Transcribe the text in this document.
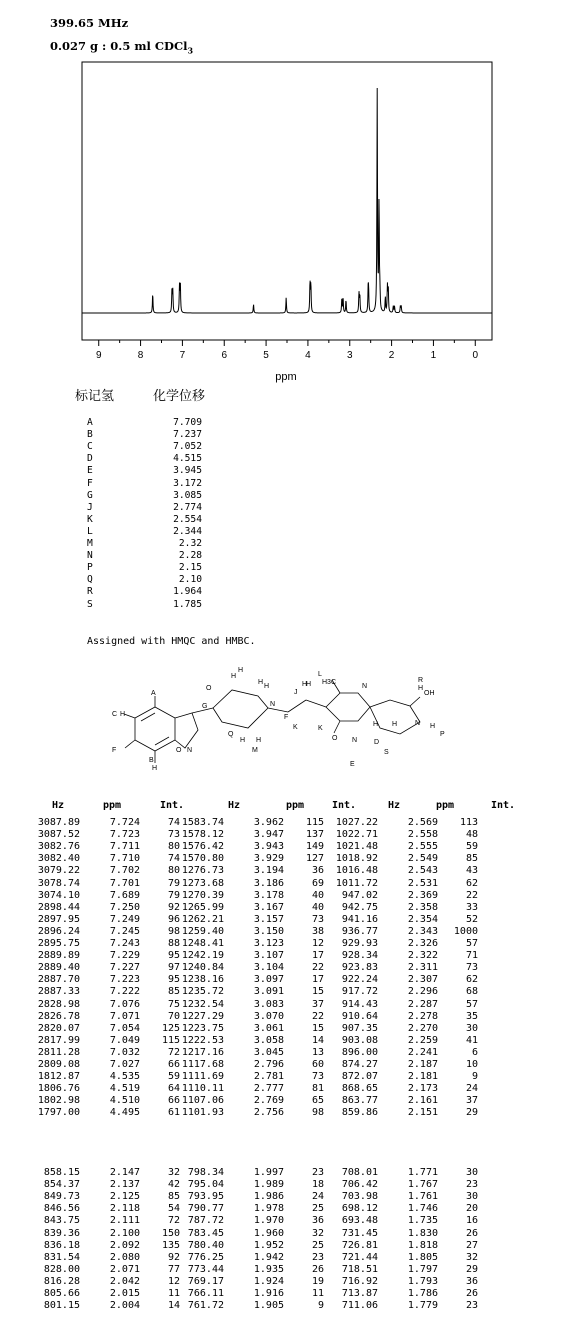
399.65 MHz
0.027 g : 0.5 ml CDCl$_3$
9	8	7	6	5	4	3	2	1	0
ppm
标记氢	化学位移
A	7.709
B	7.237
C	7.052
D	4.515
E	3.945
F	3.172
G	3.085
J	2.774
K	2.554
L	2.344
M	2.32
N	2.28
P	2.15
Q	2.10
R	1.964
S	1.785
Assigned with HMQC and HMBC.
A
C H
F
H
B
O N
G
H
H
H
Q
O
H H
M
N
H
F
J
H
K
H
K
L
H3C
N
N
O
E
H
OH
H
D
S
H	N
R
H
P
Hz	ppm	Int.	Hz	ppm	Int.	Hz	ppm	Int.
3087.89	7.724	74 1583.74	3.962	115	1027.22	2.569	113
3087.52	7.723	73 1578.12	3.947	137	1022.71	2.558	48
3082.76	7.711	80 1576.42	3.943	149	1021.48	2.555	59
3082.40	7.710	74 1570.80	3.929	127	1018.92	2.549	85
3079.22	7.702	80 1276.73	3.194	36	1016.48	2.543	43
3078.74	7.701	79 1273.68	3.186	69	1011.72	2.531	62
3074.10	7.689	79 1270.39	3.178	40	947.02	2.369	22
2898.44	7.250	92 1265.99	3.167	40	942.75	2.358	33
2897.95	7.249	96 1262.21	3.157	73	941.16	2.354	52
2896.24	7.245	98 1259.40	3.150	38	936.77	2.343	1000
2895.75	7.243	88 1248.41	3.123	12	929.93	2.326	57
2889.89	7.229	95 1242.19	3.107	17	928.34	2.322	71
2889.40	7.227	97 1240.84	3.104	22	923.83	2.311	73
2887.70	7.223	95 1238.16	3.097	17	922.24	2.307	62
2887.33	7.222	85 1235.72	3.091	15	917.72	2.296	68
2828.98	7.076	75 1232.54	3.083	37	914.43	2.287	57
2826.78	7.071	70 1227.29	3.070	22	910.64	2.278	35
2820.07	7.054	125 1223.75	3.061	15	907.35	2.270	30
2817.99	7.049	115 1222.53	3.058	14	903.08	2.259	41
2811.28	7.032	72 1217.16	3.045	13	896.00	2.241	6
2809.08	7.027	66 1117.68	2.796	60	874.27	2.187	10
1812.87	4.535	59 1111.69	2.781	73	872.07	2.181	9
1806.76	4.519	64 1110.11	2.777	81	868.65	2.173	24
1802.98	4.510	66 1107.06	2.769	65	863.77	2.161	37
1797.00	4.495	61 1101.93	2.756	98	859.86	2.151	29
858.15	2.147	32 798.34	1.997	23	708.01	1.771	30
854.37	2.137	42 795.04	1.989	18	706.42	1.767	23
849.73	2.125	85 793.95	1.986	24	703.98	1.761	30
846.56	2.118	54 790.77	1.978	25	698.12	1.746	20
843.75	2.111	72 787.72	1.970	36	693.48	1.735	16
839.36	2.100	150 783.45	1.960	32	731.45	1.830	26
836.18	2.092	135 780.40	1.952	25	726.81	1.818	27
831.54	2.080	92 776.25	1.942	23	721.44	1.805	32
828.00	2.071	77 773.44	1.935	26	718.51	1.797	29
816.28	2.042	12 769.17	1.924	19	716.92	1.793	36
805.66	2.015	11 766.11	1.916	11	713.87	1.786	26
801.15	2.004	14 761.72	1.905	9	711.06	1.779	23
